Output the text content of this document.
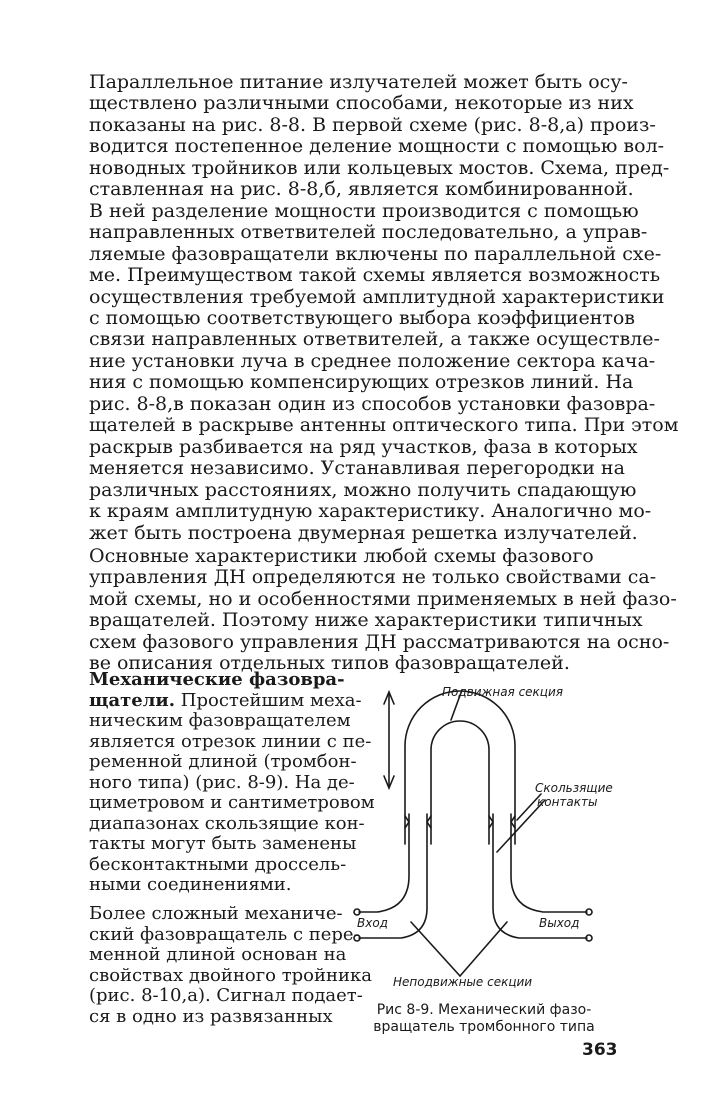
Параллельное питание излучателей может быть осу-
ществлено различными способами, некоторые из них
показаны на рис. 8-8. В первой схеме (рис. 8-8,а) произ-
водится постепенное деление мощности с помощью вол-
новодных тройников или кольцевых мостов. Схема, пред-
ставленная на рис. 8-8,б, является комбинированной.
В ней разделение мощности производится с помощью
направленных ответвителей последовательно, а управ-
ляемые фазовращатели включены по параллельной схе-
ме. Преимуществом такой схемы является возможность
осуществления требуемой амплитудной характеристики
с помощью соответствующего выбора коэффициентов
связи направленных ответвителей, а также осуществле-
ние установки луча в среднее положение сектора кача-
ния с помощью компенсирующих отрезков линий. На
рис. 8-8,в показан один из способов установки фазовра-
щателей в раскрыве антенны оптического типа. При этом
раскрыв разбивается на ряд участков, фаза в которых
меняется независимо. Устанавливая перегородки на
различных расстояниях, можно получить спадающую
к краям амплитудную характеристику. Аналогично мо-
жет быть построена двумерная решетка излучателей.

Основные характеристики любой схемы фазового
управления ДН определяются не только свойствами са-
мой схемы, но и особенностями применяемых в ней фазо-
вращателей. Поэтому ниже характеристики типичных
схем фазового управления ДН рассматриваются на осно-
ве описания отдельных типов фазовращателей.

Механические фазовра-
щатели. Простейшим меха-
ническим фазовращателем
является отрезок линии с пе-
ременной длиной (тромбон-
ного типа) (рис. 8-9). На де-
циметровом и сантиметровом
диапазонах скользящие кон-
такты могут быть заменены
бесконтактными дроссель-
ными соединениями.

Более сложный механиче-
ский фазовращатель с пере-
менной длиной основан на
свойствах двойного тройника
(рис. 8-10,а). Сигнал подает-
ся в одно из развязанных

Подвижная секция
Скользящие
контакты
Вход	Выход
Неподвижные секции
Рис 8-9. Механический фазо-
вращатель тромбонного типа
363
